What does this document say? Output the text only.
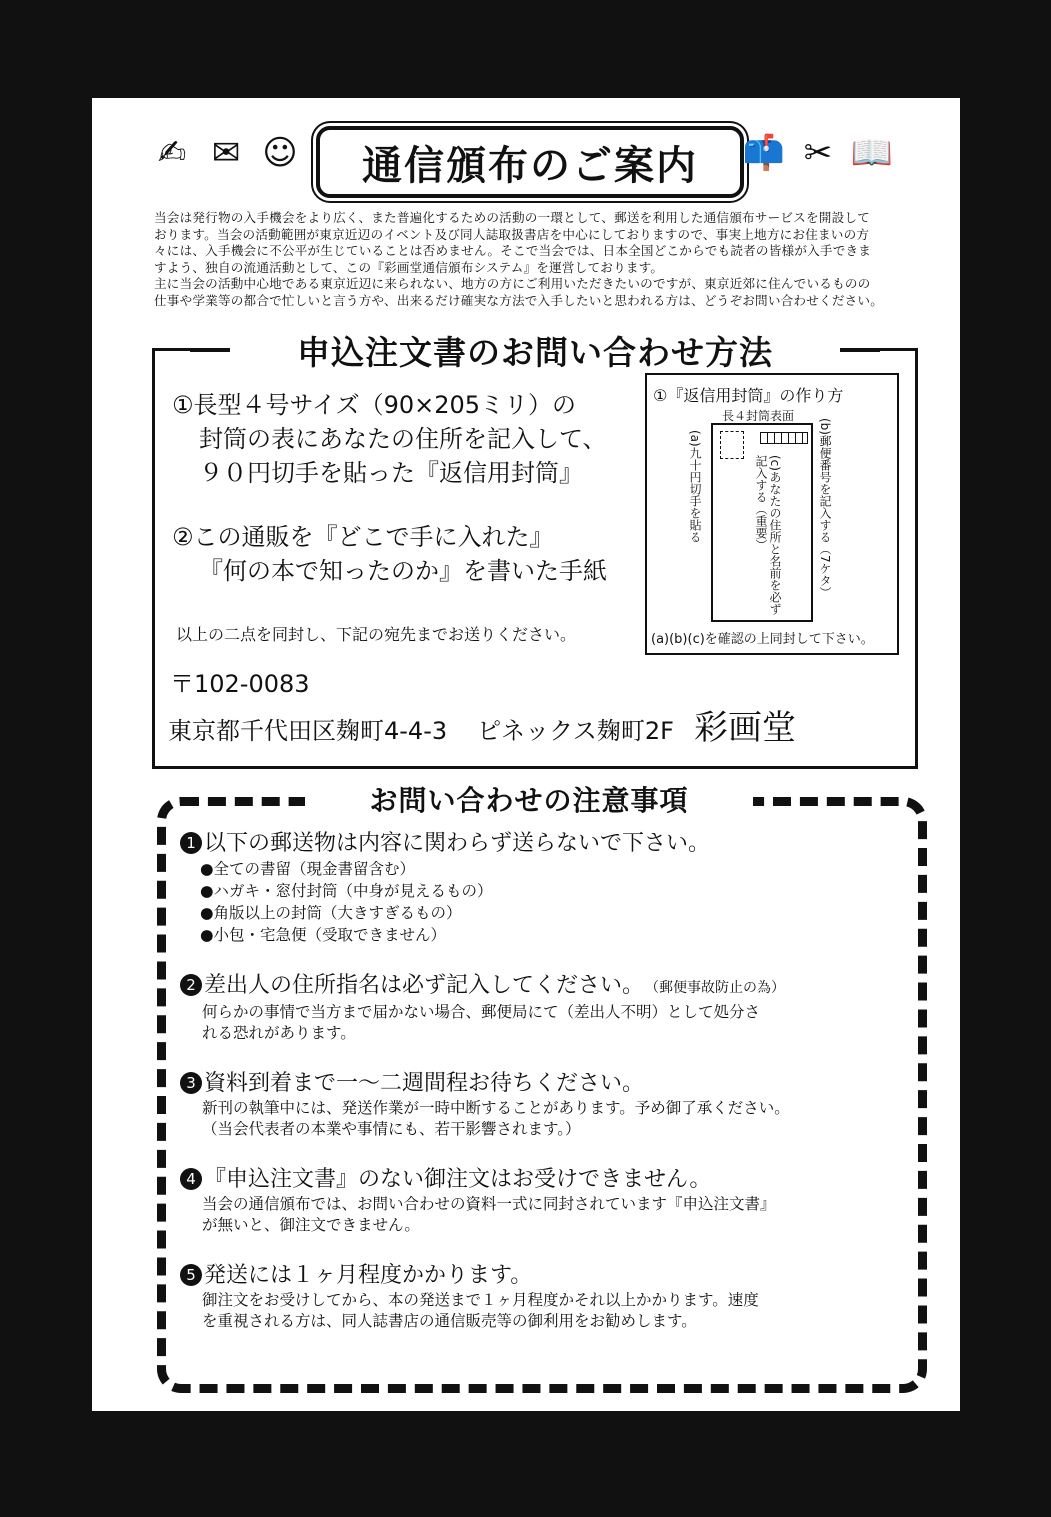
✍ ✉ ☺	通信頒布のご案内	📫 ✂ 📖

当会は発行物の入手機会をより広く、また普遍化するための活動の一環として、郵送を利用した通信頒布サービスを開設して

おります。当会の活動範囲が東京近辺のイベント及び同人誌取扱書店を中心にしておりますので、事実上地方にお住まいの方

々には、入手機会に不公平が生じていることは否めません。そこで当会では、日本全国どこからでも読者の皆様が入手できま

すよう、独自の流通活動として、この『彩画堂通信頒布システム』を運営しております。

主に当会の活動中心地である東京近辺に来られない、地方の方にご利用いただきたいのですが、東京近郊に住んでいるものの

仕事や学業等の都合で忙しいと言う方や、出来るだけ確実な方法で入手したいと思われる方は、どうぞお問い合わせください。

申込注文書のお問い合わせ方法

①長型４号サイズ（90×205ミリ）の

封筒の表にあなたの住所を記入して、

９０円切手を貼った『返信用封筒』

②この通販を『どこで手に入れた』

『何の本で知ったのか』を書いた手紙

以上の二点を同封し、下記の宛先までお送りください。
〒102-0083
東京都千代田区麹町4-4-3 ピネックス麹町2F 彩画堂
①『返信用封筒』の作り方
長４封筒表面
(a)九十円切手を貼る	(c)あなたの住所と名前を必ず記入する（重要）	(b)郵便番号を記入する（7ケタ）
(a)(b)(c)を確認の上同封して下さい。
お問い合わせの注意事項
1 以下の郵送物は内容に関わらず送らないで下さい。
●全ての書留（現金書留含む）
●ハガキ・窓付封筒（中身が見えるもの）
●角版以上の封筒（大きすぎるもの）
●小包・宅急便（受取できません）
2 差出人の住所指名は必ず記入してください。 （郵便事故防止の為）

何らかの事情で当方まで届かない場合、郵便局にて（差出人不明）として処分さ

れる恐れがあります。

3 資料到着まで一～二週間程お待ちください。

新刊の執筆中には、発送作業が一時中断することがあります。予め御了承ください。

（当会代表者の本業や事情にも、若干影響されます。）

4 『申込注文書』のない御注文はお受けできません。

当会の通信頒布では、お問い合わせの資料一式に同封されています『申込注文書』

が無いと、御注文できません。

5 発送には１ヶ月程度かかります。

御注文をお受けしてから、本の発送まで１ヶ月程度かそれ以上かかります。速度

を重視される方は、同人誌書店の通信販売等の御利用をお勧めします。

46
